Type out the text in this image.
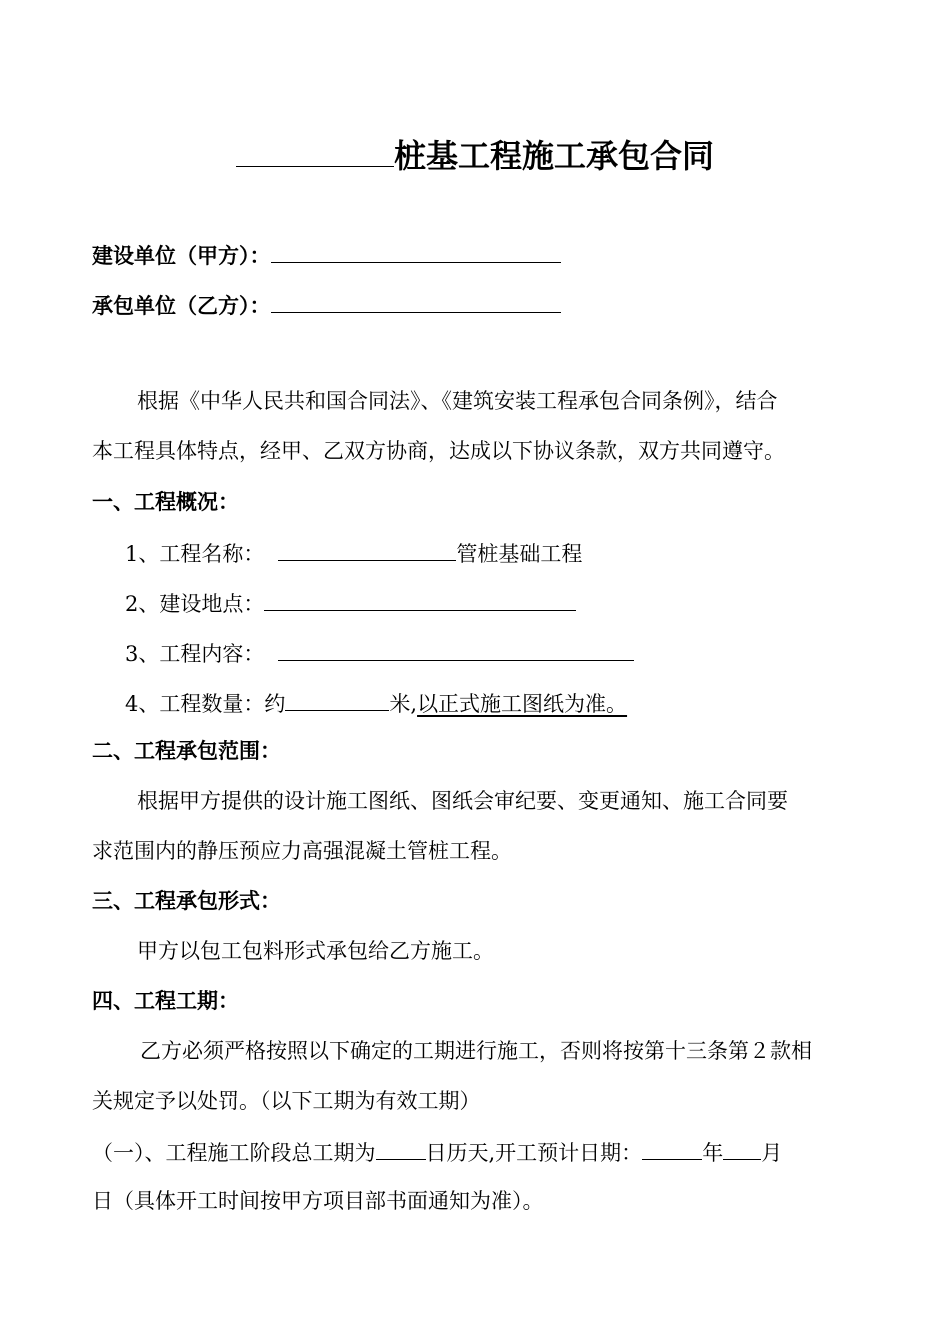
桩基工程施工承包合同
建设单位（甲方）：
承包单位（乙方）：
根据《中华人民共和国合同法》、《建筑安装工程承包合同条例》，结合
本工程具体特点，经甲、乙双方协商，达成以下协议条款，双方共同遵守。
一、工程概况：
1、工程名称：	管桩基础工程
2、建设地点：
3、工程内容：
4、工程数量：约	米,以正式施工图纸为准。
二、工程承包范围：
根据甲方提供的设计施工图纸、图纸会审纪要、变更通知、施工合同要
求范围内的静压预应力高强混凝土管桩工程。
三、工程承包形式：
甲方以包工包料形式承包给乙方施工。
四、工程工期：
乙方必须严格按照以下确定的工期进行施工，否则将按第十三条第２款相
关规定予以处罚。（以下工期为有效工期）
（一）、工程施工阶段总工期为 日历天,开工预计日期：	年 月
日（具体开工时间按甲方项目部书面通知为准）。
